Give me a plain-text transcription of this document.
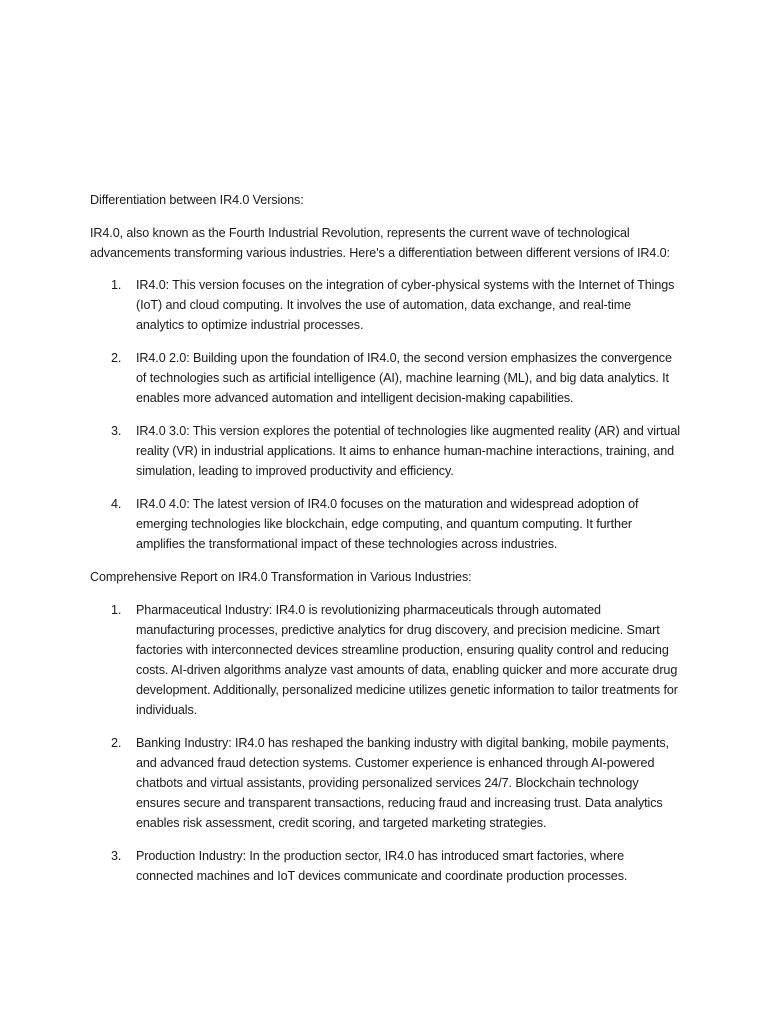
Differentiation between IR4.0 Versions:

IR4.0, also known as the Fourth Industrial Revolution, represents the current wave of technological advancements transforming various industries. Here's a differentiation between different versions of IR4.0:

1. IR4.0: This version focuses on the integration of cyber-physical systems with the Internet of Things (IoT) and cloud computing. It involves the use of automation, data exchange, and real-time analytics to optimize industrial processes.
2. IR4.0 2.0: Building upon the foundation of IR4.0, the second version emphasizes the convergence of technologies such as artificial intelligence (AI), machine learning (ML), and big data analytics. It enables more advanced automation and intelligent decision-making capabilities.
3. IR4.0 3.0: This version explores the potential of technologies like augmented reality (AR) and virtual reality (VR) in industrial applications. It aims to enhance human-machine interactions, training, and simulation, leading to improved productivity and efficiency.
4. IR4.0 4.0: The latest version of IR4.0 focuses on the maturation and widespread adoption of emerging technologies like blockchain, edge computing, and quantum computing. It further amplifies the transformational impact of these technologies across industries.

Comprehensive Report on IR4.0 Transformation in Various Industries:

1. Pharmaceutical Industry: IR4.0 is revolutionizing pharmaceuticals through automated manufacturing processes, predictive analytics for drug discovery, and precision medicine. Smart factories with interconnected devices streamline production, ensuring quality control and reducing costs. AI-driven algorithms analyze vast amounts of data, enabling quicker and more accurate drug development. Additionally, personalized medicine utilizes genetic information to tailor treatments for individuals.
2. Banking Industry: IR4.0 has reshaped the banking industry with digital banking, mobile payments, and advanced fraud detection systems. Customer experience is enhanced through AI-powered chatbots and virtual assistants, providing personalized services 24/7. Blockchain technology ensures secure and transparent transactions, reducing fraud and increasing trust. Data analytics enables risk assessment, credit scoring, and targeted marketing strategies.
3. Production Industry: In the production sector, IR4.0 has introduced smart factories, where connected machines and IoT devices communicate and coordinate production processes.
